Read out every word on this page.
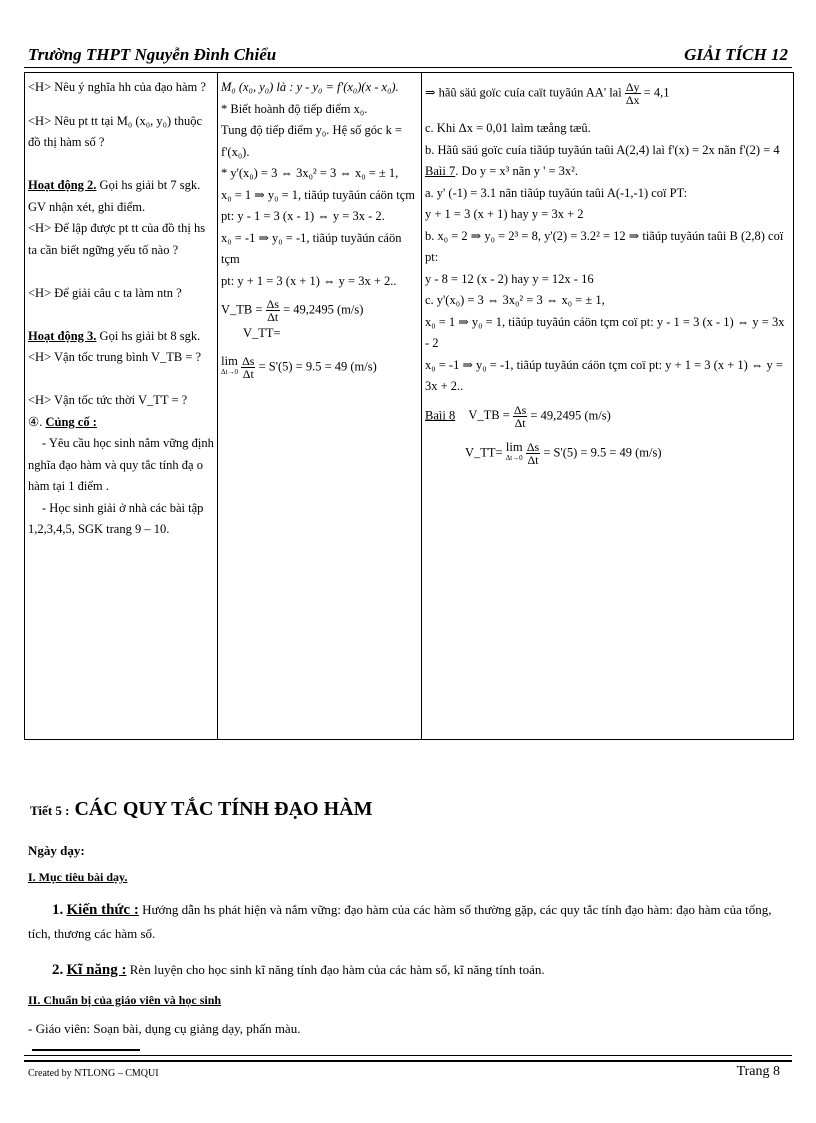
Trường THPT Nguyễn Đình Chiểu	GIẢI TÍCH 12
<H> Nêu ý nghĩa hh của đạo hàm ?
<H> Nêu pt tt tại M₀ (x₀, y₀) thuộc
đồ thị hàm số ?
Hoạt động 2. Gọi hs giải bt 7 sgk.
GV nhận xét, ghi điểm.
<H> Để lập được pt tt của đồ thị hs
ta cần biết ngững yếu tố nào ?
<H> Để giải câu c ta làm ntn ?
Hoạt động 3. Gọi hs giải bt 8 sgk.
<H> Vận tốc trung bình V_TB = ?
<H> Vận tốc tức thời V_TT = ?
④. Củng cố :
- Yêu cầu học sinh nắm vững định
nghĩa đạo hàm và quy tắc tính đạ o
hàm tại 1 điểm .
- Học sinh giải ở nhà các bài tập
1,2,3,4,5, SGK trang 9 – 10.

M₀ (x₀, y₀) là : y - y₀ = f'(x₀)(x - x₀).
* Biết hoành độ tiếp điểm x₀.
Tung độ tiếp điểm y₀. Hệ số góc k =
f'(x₀).
* y'(x₀) = 3 ⇔ 3x₀² = 3 ⇔ x₀ = ± 1,
x₀ = 1 ⇒ y₀ = 1, tiãúp tuyãún cáön tçm
pt: y - 1 = 3 (x - 1) ⇔ y = 3x - 2.
x₀ = -1 ⇒ y₀ = -1, tiãúp tuyãún cáön tçm
pt: y + 1 = 3 (x + 1) ⇔ y = 3x + 2..
V_TB = $\frac{\Delta s}{\Delta t} = 49,2495$ (m/s) V_TT=
lim
Δt→0
$\frac{\Delta s}{\Delta t} = S'(5) = 9.5 = 49$ (m/s)

⇒ hãû säú goïc cuía caït tuyãún AA' laì $\frac{\Delta y}{\Delta x} = 4,1$
c. Khi Δx = 0,01 laìm tæång tæû.
b. Hãû säú goïc cuía tiãúp tuyãún taûi A(2,4) laì f'(x) = 2x nãn f'(2) = 4
Baìi 7. Do y = x³ nãn y ' = 3x².
a. y' (-1) = 3.1 nãn tiãúp tuyãún taûi A(-1,-1) coï PT:
y + 1 = 3 (x + 1) hay y = 3x + 2
b. x₀ = 2 ⇒ y₀ = 2³ = 8, y'(2) = 3.2² = 12 ⇒ tiãúp tuyãún taûi B (2,8) coï pt:
y - 8 = 12 (x - 2) hay y = 12x - 16
c. y'(x₀) = 3 ⇔ 3x₀² = 3 ⇔ x₀ = ± 1,
x₀ = 1 ⇒ y₀ = 1, tiãúp tuyãún cáön tçm coï pt: y - 1 = 3 (x - 1) ⇔ y = 3x - 2
x₀ = -1 ⇒ y₀ = -1, tiãúp tuyãún cáön tçm coï pt: y + 1 = 3 (x + 1) ⇔ y = 3x + 2..
Baìi 8 V_TB = $\frac{\Delta s}{\Delta t} = 49,2495$ (m/s)
V_TT= lim
Δt→0
$\frac{\Delta s}{\Delta t} = S'(5) = 9.5 = 49$ (m/s)
Tiết 5 : CÁC QUY TẮC TÍNH ĐẠO HÀM
Ngày dạy:
I. Mục tiêu bài dạy.
1. Kiến thức : Hướng dẫn hs phát hiện và nắm vững: đạo hàm của các hàm số thường gặp, các quy tắc tính đạo hàm: đạo hàm của tổng, tích, thương các hàm số.
2. Kĩ năng : Rèn luyện cho học sinh kĩ năng tính đạo hàm của các hàm số, kĩ năng tính toán.
II. Chuẩn bị của giáo viên và học sinh
- Giáo viên: Soạn bài, dụng cụ giảng dạy, phấn màu.
Created by NTLONG – CMQUI	Trang 8
